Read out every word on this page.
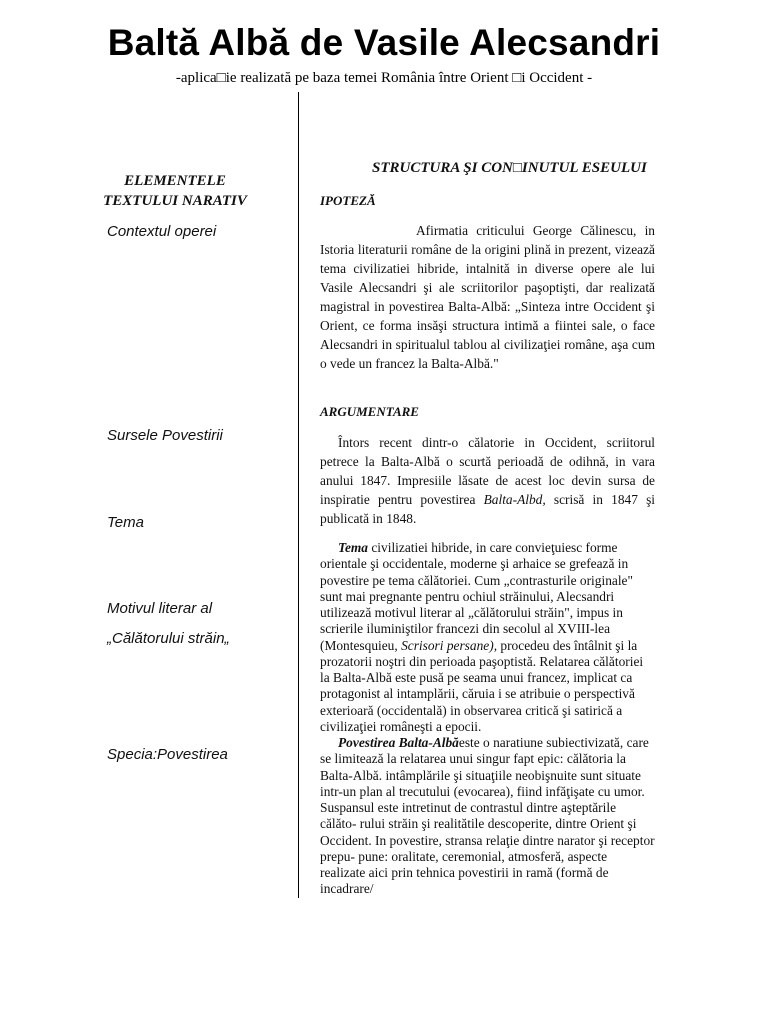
Baltă Albă de Vasile Alecsandri
-aplica□ie realizată pe baza temei România între Orient □i Occident -
ELEMENTELE
TEXTULUI NARATIV
Contextul operei
Sursele Povestirii
Tema
Motivul literar al
„Călătorului străin„
Specia:Povestirea
STRUCTURA ŞI CON□INUTUL ESEULUI
IPOTEZĂ

Afirmatia criticului George Călinescu, in Istoria literaturii române de la origini plină in prezent, vizează tema civilizatiei hibride, intalnită in diverse opere ale lui Vasile Alecsandri şi ale scriitorilor paşoptişti, dar realizată magistral in povestirea Balta-Albă: „Sinteza intre Occident şi Orient, ce forma insăşi structura intimă a fiintei sale, o face Alecsandri in spiritualul tablou al civilizaţiei române, aşa cum o vede un francez la Balta-Albă."

ARGUMENTARE

Întors recent dintr-o călatorie in Occident, scriitorul petrece la Balta-Albă o scurtă perioadă de odihnă, in vara anului 1847. Impresiile lăsate de acest loc devin sursa de inspiratie pentru povestirea Balta-Albd, scrisă in 1847 şi publicată in 1848.

Tema civilizatiei hibride, in care convieţuiesc forme orientale şi occidentale, moderne şi arhaice se grefează in povestire pe tema călătoriei. Cum „contrasturile originale" sunt mai pregnante pentru ochiul străinului, Alecsandri utilizează motivul literar al „călătorului străin", impus in scrierile iluminiştilor francezi din secolul al XVIII-lea (Montesquieu, Scrisori persane), procedeu des întâlnit şi la prozatorii noştri din perioada paşoptistă. Relatarea călătoriei la Balta-Albă este pusă pe seama unui francez, implicat ca protagonist al intamplării, căruia i se atribuie o perspectivă exterioară (occidentală) in observarea critică şi satirică a civilizaţiei româneşti a epocii.

Povestirea Balta-Albăeste o naratiune subiectivizată, care se limitează la relatarea unui singur fapt epic: călătoria la Balta-Albă. intâmplările şi situaţiile neobişnuite sunt situate intr-un plan al trecutului (evocarea), fiind infăţişate cu umor. Suspansul este intretinut de contrastul dintre aşteptările călăto- rului străin şi realitătile descoperite, dintre Orient şi Occident. In povestire, stransa relaţie dintre narator şi receptor prepu- pune: oralitate, ceremonial, atmosferă, aspecte realizate aici prin tehnica povestirii in ramă (formă de incadrare/
